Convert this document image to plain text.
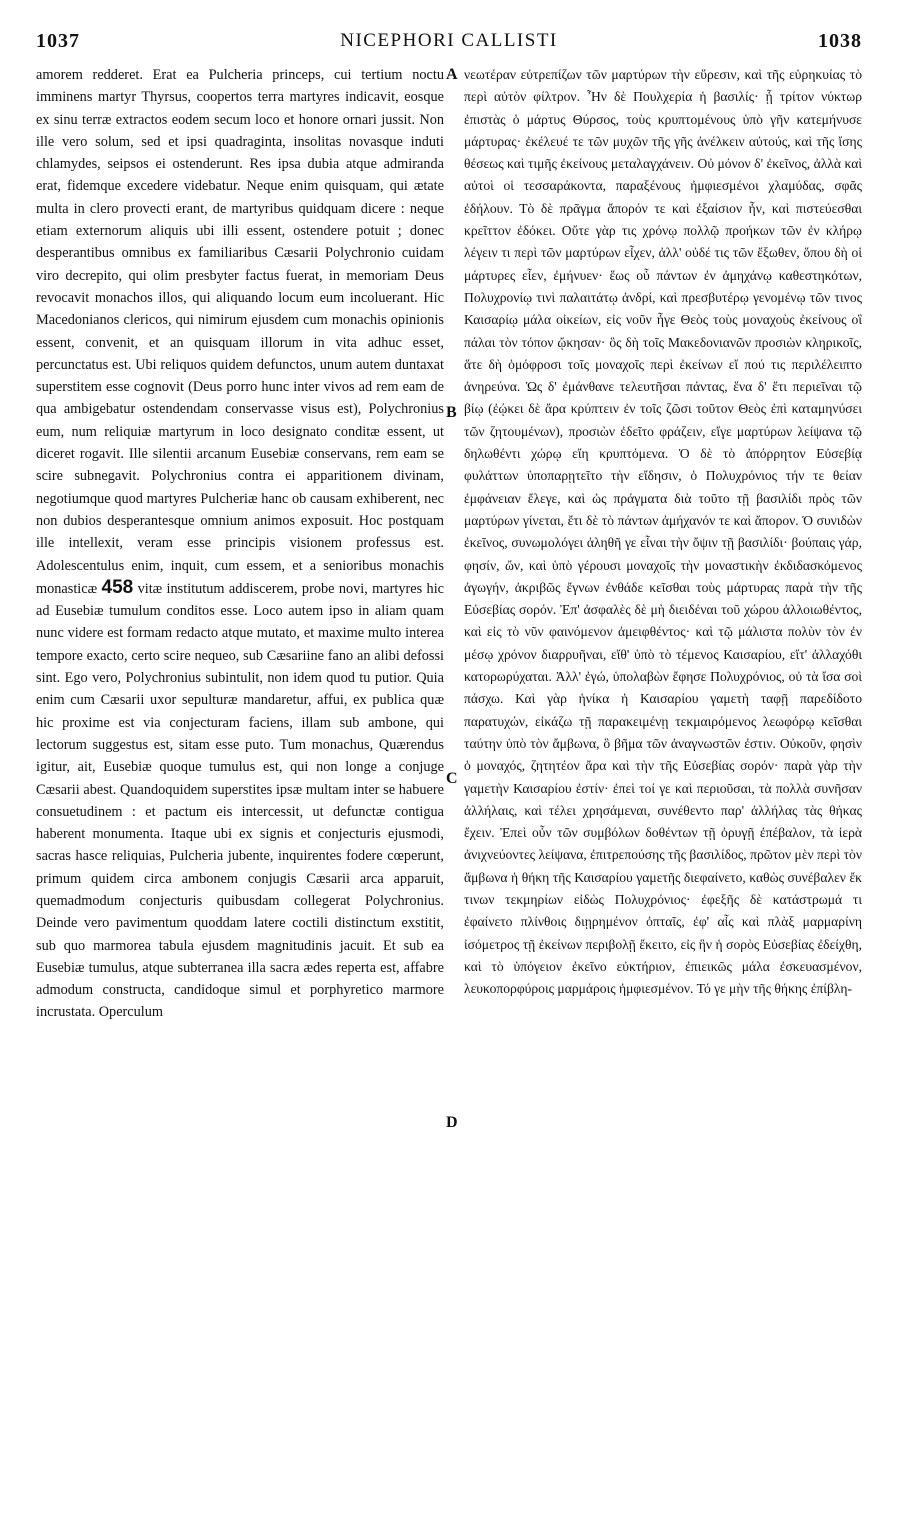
1037	NICEPHORI CALLISTI	1038

amorem redderet. Erat ea Pulcheria princeps, cui tertium noctu imminens martyr Thyrsus, coopertos terra martyres indicavit, eosque ex sinu terræ extractos eodem secum loco et honore ornari jussit. Non ille vero solum, sed et ipsi quadraginta, insolitas novasque induti chlamydes, seipsos ei ostenderunt. Res ipsa dubia atque admiranda erat, fidemque excedere videbatur. Neque enim quisquam, qui ætate multa in clero provecti erant, de martyribus quidquam dicere : neque etiam externorum aliquis ubi illi essent, ostendere potuit ; donec desperantibus omnibus ex familiaribus Cæsarii Polychronio cuidam viro decrepito, qui olim presbyter factus fuerat, in memoriam Deus revocavit monachos illos, qui aliquando locum eum incoluerant. Hic Macedonianos clericos, qui nimirum ejusdem cum monachis opinionis essent, convenit, et an quisquam illorum in vita adhuc esset, percunctatus est. Ubi reliquos quidem defunctos, unum autem duntaxat superstitem esse cognovit (Deus porro hunc inter vivos ad rem eam de qua ambigebatur ostendendam conservasse visus est), Polychronius eum, num reliquiæ martyrum in loco designato conditæ essent, ut diceret rogavit. Ille silentii arcanum Eusebiæ conservans, rem eam se scire subnegavit. Polychronius contra ei apparitionem divinam, negotiumque quod martyres Pulcheriæ hanc ob causam exhiberent, nec non dubios desperantesque omnium animos exposuit. Hoc postquam ille intellexit, veram esse principis visionem professus est. Adolescentulus enim, inquit, cum essem, et a senioribus monachis monasticæ 458 vitæ institutum addiscerem, probe novi, martyres hic ad Eusebiæ tumulum conditos esse. Loco autem ipso in aliam quam nunc videre est formam redacto atque mutato, et maxime multo interea tempore exacto, certo scire nequeo, sub Cæsariine fano an alibi defossi sint. Ego vero, Polychronius subintulit, non idem quod tu putior. Quia enim cum Cæsarii uxor sepulturæ mandaretur, affui, ex publica quæ hic proxime est via conjecturam faciens, illam sub ambone, qui lectorum suggestus est, sitam esse puto. Tum monachus, Quærendus igitur, ait, Eusebiæ quoque tumulus est, qui non longe a conjuge Cæsarii abest. Quandoquidem superstites ipsæ multam inter se habuere consuetudinem : et pactum eis intercessit, ut defunctæ contigua haberent monumenta. Itaque ubi ex signis et conjecturis ejusmodi, sacras hasce reliquias, Pulcheria jubente, inquirentes fodere cœperunt, primum quidem circa ambonem conjugis Cæsarii arca apparuit, quemadmodum conjecturis quibusdam collegerat Polychronius. Deinde vero pavimentum quoddam latere coctili distinctum exstitit, sub quo marmorea tabula ejusdem magnitudinis jacuit. Et sub ea Eusebiæ tumulus, atque subterranea illa sacra ædes reperta est, affabre admodum constructa, candidoque simul et porphyretico marmore incrustata. Operculum

A
B
C
D

νεωτέραν εὐτρεπίζων τῶν μαρτύρων τὴν εὕρεσιν, καὶ τῆς εὑρηκυίας τὸ περὶ αὐτὸν φίλτρον. Ἦν δὲ Πουλχερία ἡ βασιλίς· ᾗ τρίτον νύκτωρ ἐπιστὰς ὁ μάρτυς Θύρσος, τοὺς κρυπτομένους ὑπὸ γῆν κατεμήνυσε μάρτυρας· ἐκέλευέ τε τῶν μυχῶν τῆς γῆς ἀνέλκειν αὐτούς, καὶ τῆς ἴσης θέσεως καὶ τιμῆς ἐκείνους μεταλαγχάνειν. Οὐ μόνον δ' ἐκεῖνος, ἀλλὰ καὶ αὐτοὶ οἱ τεσσαράκοντα, παραξένους ἠμφιεσμένοι χλαμύδας, σφᾶς ἐδήλουν. Τὸ δὲ πρᾶγμα ἄπορόν τε καὶ ἐξαίσιον ἦν, καὶ πιστεύεσθαι κρεῖττον ἐδόκει. Οὔτε γὰρ τις χρόνῳ πολλῷ προήκων τῶν ἐν κλήρῳ λέγειν τι περὶ τῶν μαρτύρων εἶχεν, ἀλλ' οὐδέ τις τῶν ἔξωθεν, ὅπου δὴ οἱ μάρτυρες εἶεν, ἐμήνυεν· ἕως οὗ πάντων ἐν ἀμηχάνῳ καθεστηκότων, Πολυχρονίῳ τινὶ παλαιτάτῳ ἀνδρί, καὶ πρεσβυτέρῳ γενομένῳ τῶν τινος Καισαρίῳ μάλα οἰκείων, εἰς νοῦν ἦγε Θεὸς τοὺς μοναχοὺς ἐκείνους οἳ πάλαι τὸν τόπον ᾤκησαν· ὃς δὴ τοῖς Μακεδονιανῶν προσιὼν κληρικοῖς, ἅτε δὴ ὁμόφροσι τοῖς μοναχοῖς περὶ ἐκείνων εἴ πού τις περιλέλειπτο ἀνηρεύνα. Ὡς δ' ἐμάνθανε τελευτῆσαι πάντας, ἕνα δ' ἔτι περιεῖναι τῷ βίῳ (ἐῴκει δὲ ἄρα κρύπτειν ἐν τοῖς ζῶσι τοῦτον Θεὸς ἐπὶ καταμηνύσει τῶν ζητουμένων), προσιὼν ἐδεῖτο φράζειν, εἴγε μαρτύρων λείψανα τῷ δηλωθέντι χώρῳ εἴη κρυπτόμενα. Ὁ δὲ τὸ ἀπόρρητον Εὐσεβίᾳ φυλάττων ὑποπαρῃτεῖτο τὴν εἴδησιν, ὁ Πολυχρόνιος τήν τε θείαν ἐμφάνειαν ἔλεγε, καὶ ὡς πράγματα διὰ τοῦτο τῇ βασιλίδι πρὸς τῶν μαρτύρων γίνεται, ἔτι δὲ τὸ πάντων ἀμήχανόν τε καὶ ἄπορον. Ὁ συνιδὼν ἐκεῖνος, συνωμολόγει ἀληθῆ γε εἶναι τὴν ὄψιν τῇ βασιλίδι· βούπαις γάρ, φησίν, ὤν, καὶ ὑπὸ γέρουσι μοναχοῖς τὴν μοναστικὴν ἐκδιδασκόμενος ἀγωγήν, ἀκριβῶς ἔγνων ἐνθάδε κεῖσθαι τοὺς μάρτυρας παρὰ τὴν τῆς Εὐσεβίας σορόν. Ἐπ' ἀσφαλὲς δὲ μὴ διειδέναι τοῦ χώρου ἀλλοιωθέντος, καὶ εἰς τὸ νῦν φαινόμενον ἀμειφθέντος· καὶ τῷ μάλιστα πολὺν τὸν ἐν μέσῳ χρόνον διαρρυῆναι, εἴθ' ὑπὸ τὸ τέμενος Καισαρίου, εἴτ' ἀλλαχόθι κατορωρύχαται. Ἀλλ' ἐγώ, ὑπολαβὼν ἔφησε Πολυχρόνιος, οὐ τὰ ἴσα σοὶ πάσχω. Καὶ γὰρ ἡνίκα ἡ Καισαρίου γαμετὴ ταφῇ παρεδίδοτο παρατυχών, εἰκάζω τῇ παρακειμένῃ τεκμαιρόμενος λεωφόρῳ κεῖσθαι ταύτην ὑπὸ τὸν ἄμβωνα, ὃ βῆμα τῶν ἀναγνωστῶν ἐστιν. Οὐκοῦν, φησὶν ὁ μοναχός, ζητητέον ἄρα καὶ τὴν τῆς Εὐσεβίας σορόν· παρὰ γὰρ τὴν γαμετὴν Καισαρίου ἐστίν· ἐπεὶ τοί γε καὶ περιοῦσαι, τὰ πολλὰ συνῆσαν ἀλλήλαις, καὶ τέλει χρησάμεναι, συνέθεντο παρ' ἀλλήλας τὰς θήκας ἔχειν. Ἐπεὶ οὖν τῶν συμβόλων δοθέντων τῇ ὀρυγῇ ἐπέβαλον, τὰ ἱερὰ ἀνιχνεύοντες λείψανα, ἐπιτρεπούσης τῆς βασιλίδος, πρῶτον μὲν περὶ τὸν ἄμβωνα ἡ θήκη τῆς Καισαρίου γαμετῆς διεφαίνετο, καθὼς συνέβαλεν ἔκ τινων τεκμηρίων εἰδὼς Πολυχρόνιος· ἐφεξῆς δὲ κατάστρωμά τι ἐφαίνετο πλίνθοις διῃρημένον ὀπταῖς, ἐφ' αἷς καὶ πλὰξ μαρμαρίνη ἰσόμετρος τῇ ἐκείνων περιβολῇ ἔκειτο, εἰς ἣν ἡ σορὸς Εὐσεβίας ἐδείχθη, καὶ τὸ ὑπόγειον ἐκεῖνο εὐκτήριον, ἐπιεικῶς μάλα ἐσκευασμένον, λευκοπορφύροις μαρμάροις ἠμφιεσμένον. Τό γε μὴν τῆς θήκης ἐπίβλη-
